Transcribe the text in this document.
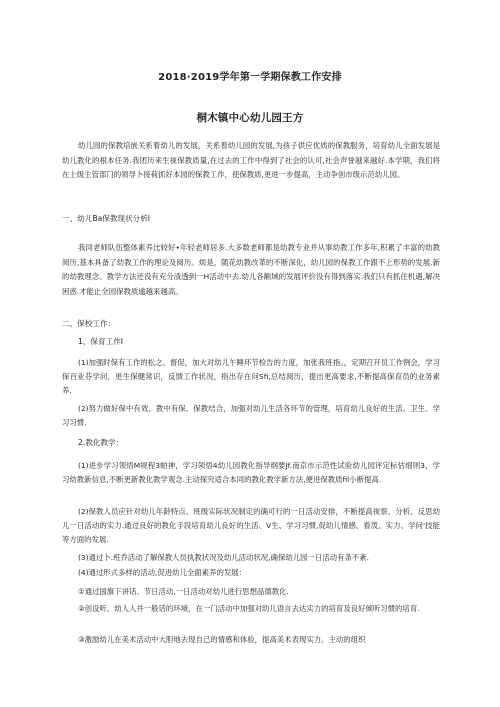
2018·2019学年第一学期保教工作安排
桐木镇中心幼儿园王方

幼儿园的保教培嵌关系着幼儿的发展，关系着幼儿园的发展,为孩子供应优质的保教服务，培育幼儿全面发展是幼儿教化的根本任务.我团历来生视保教质量,在过去的工作中得到了社会的认可,社会声誉越来越好.本学期，我们将在上级主管部门的领导卜接荷抓好本园的保教工作，使保教质,更进一步提高，主动争创市级示范幼儿园。

一、幼儿Ba保教现状分析I

我同老师队伍整体素养比较好•年轻老师居多.大多数老师都是幼教专业并从事幼教工作多年,积累了丰富的幼教阅历,基本具备了幼教工作的理论及阅历。烦是，随花幼教改革的不断深化，幼儿园的保教工作跟不上形势的发展.新的幼教理念、教学方法还没有充分渣透到一H活动中去.幼儿各额域的发展评价没有得到落实.我们只有抓住机遇,解决困惑.才能止全园保教质逾越来越高。

二、保校工作：

1、保育工作I

(1)加强时保有工作的松之、督促，加大对幼儿午睡环节检告的力度，加张我班指。，定期召开员工作例会，学习保百业芬学问，更生保健常识，反馈工作状况，指出存在问Sfi,总结阅历，提出更高要求,不断提高保育员的业务素养.

(2)努力做好保中有效、教中有保、保教结合，加强对幼儿生活各环节的管理，培育幼儿良好的生活、卫生、学习习惯.

2.教化教学：

(1)进步学习领悟M规程3帕神，学习领悟4幼儿园教化指导纲要Jf.南京市示范性试验幼儿园评定标估细则3，学习幼教新信息,不断更新教化教学观念.主动探究适合本同的教化教学新方法,便进保教质fil小断提高.

(2)保教人员应针对幼儿年龄特点、班级实际状况制定的确可行的一日活动安排，不断提高视察、分析、反思幼儿一日活动的实力.通过良好的教化手段培育幼儿良好的生活、Ⅴ生、学习习惯,促幼儿情感、看泼、实力、学问'技能等方面的发展.

(3)通过卜.班乔活动了解保教人员执教状况及幼儿活动状况,确保幼儿园一日活动有条不紊.

(4)通过形式多样的活动,促进幼儿全面素养的发展：

①通过国旗下讲话、节日活动,一日活动对幼儿进行思想品德教化.

②创设听、幼人人并一般话的环境，在一门活动中加强对幼儿语言去达实力的培育及良好倾听习惯的培育.

③激励幼儿在美术活动中大胆地去现自己的情感和体验，提高美术表现实力。主动的组织
